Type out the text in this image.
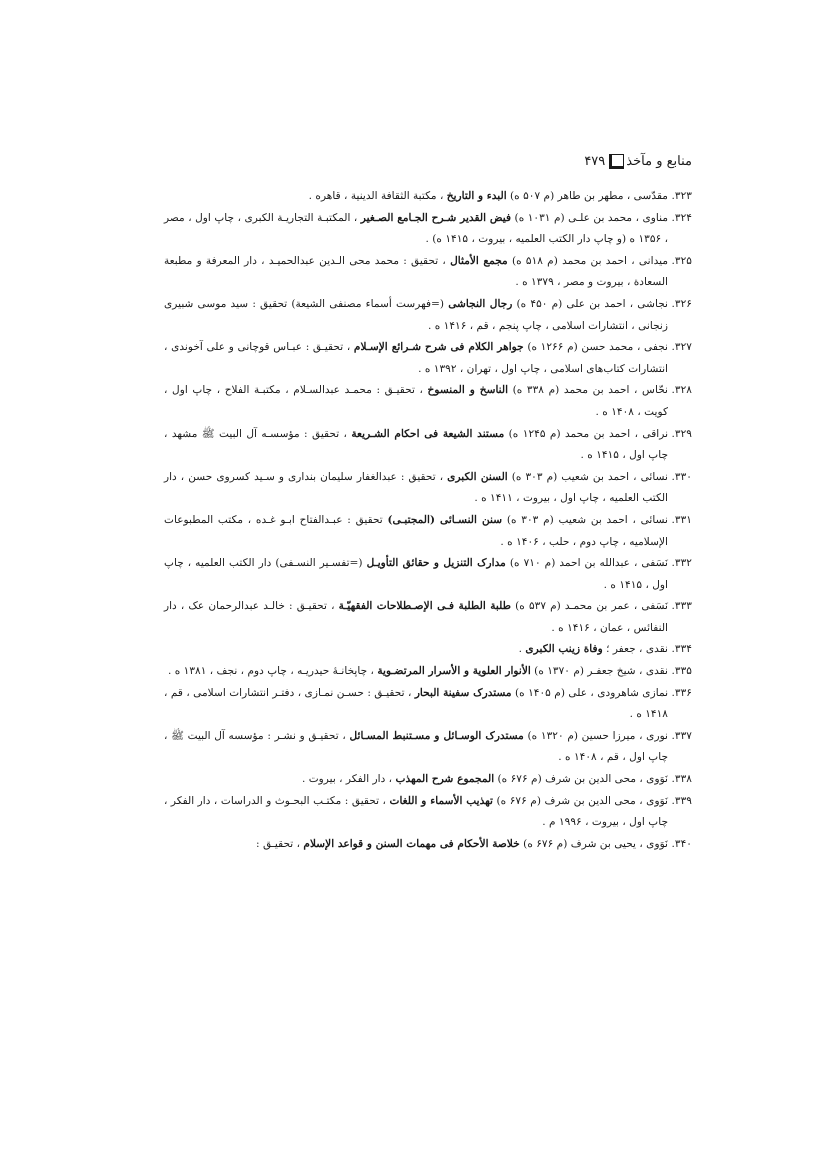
منابع و مآخذ
۴۷۹
۳۲۳.
مقدّسی ، مطهر بن طاهر (م ۵۰۷ ه) البدء و التاریخ ، مکتبة الثقافة الدینیة ، قاهره .
۳۲۴.
مناوی ، محمد بن علـی (م ۱۰۳۱ ه) فیض القدیر شـرح الجـامع الصـغیر ، المکتبـة التجاریـة الکبری ، چاپ اول ، مصر ، ۱۳۵۶ ه (و چاپ دار الکتب العلمیه ، بیروت ، ۱۴۱۵ ه) .
۳۲۵.
میدانی ، احمد بن محمد (م ۵۱۸ ه) مجمع الأمثال ، تحقیق : محمد محی الـدین عبدالحمیـد ، دار المعرفة و مطبعة السعادة ، بیروت و مصر ، ۱۳۷۹ ه .
۳۲۶.
نجاشی ، احمد بن علی (م ۴۵۰ ه) رجال النجاشی (=فهرست أسماء مصنفی الشیعة) تحقیق : سید موسی شبیری زنجانی ، انتشارات اسلامی ، چاپ پنجم ، قم ، ۱۴۱۶ ه .
۳۲۷.
نجفی ، محمد حسن (م ۱۲۶۶ ه) جواهر الکلام فی شرح شـرائع الإسـلام ، تحقیـق : عبـاس قوچانی و علی آخوندی ، انتشارات کتاب‌های اسلامی ، چاپ اول ، تهران ، ۱۳۹۲ ه .
۳۲۸.
نحّاس ، احمد بن محمد (م ۳۳۸ ه) الناسخ و المنسوخ ، تحقیـق : محمـد عبدالسـلام ، مکتبـة الفلاح ، چاپ اول ، کویت ، ۱۴۰۸ ه .
۳۲۹.
نراقی ، احمد بن محمد (م ۱۲۴۵ ه) مستند الشیعة فی احکام الشـریعة ، تحقیق : مؤسسـه آل البیت ﷺ مشهد ، چاپ اول ، ۱۴۱۵ ه .
۳۳۰.
نسائی ، احمد بن شعیب (م ۳۰۳ ه) السنن الکبری ، تحقیق : عبدالغفار سلیمان بنداری و سـید کسروی حسن ، دار الکتب العلمیه ، چاپ اول ، بیروت ، ۱۴۱۱ ه .
۳۳۱.
نسائی ، احمد بن شعیب (م ۳۰۳ ه) سنن النسـائی (المجتبـی) تحقیق : عبـدالفتاح ابـو غـده ، مکتب المطبوعات الإسلامیه ، چاپ دوم ، حلب ، ۱۴۰۶ ه .
۳۳۲.
نَسَفی ، عبدالله بن احمد (م ۷۱۰ ه) مدارک التنزیل و حقائق التأویـل (=تفسـیر النسـفی) دار الکتب العلمیه ، چاپ اول ، ۱۴۱۵ ه .
۳۳۳.
نَسَفی ، عمر بن محمـد (م ۵۳۷ ه) طلبة الطلبة فـی الإصـطلاحات الفقهیّـة ، تحقیـق : خالـد عبدالرحمان عک ، دار النفائس ، عمان ، ۱۴۱۶ ه .
۳۳۴.
نقدی ، جعفر ؛ وفاة زینب الکبری .
۳۳۵.
نقدی ، شیخ جعفـر (م ۱۳۷۰ ه) الأنوار العلویة و الأسرار المرتضـویة ، چاپخانـهٔ حیدریـه ، چاپ دوم ، نجف ، ۱۳۸۱ ه .
۳۳۶.
نمازی شاهرودی ، علی (م ۱۴۰۵ ه) مستدرک سفینة البحار ، تحقیـق : حسـن نمـازی ، دفتـر انتشارات اسلامی ، قم ، ۱۴۱۸ ه .
۳۳۷.
نوری ، میرزا حسین (م ۱۳۲۰ ه) مستدرک الوسـائل و مسـتنبط المسـائل ، تحقیـق و نشـر : مؤسسه آل البیت ﷺ ، چاپ اول ، قم ، ۱۴۰۸ ه .
۳۳۸.
نَوَوی ، محی الدین بن شرف (م ۶۷۶ ه) المجموع شرح المهذب ، دار الفکر ، بیروت .
۳۳۹.
نَوَوی ، محی الدین بن شرف (م ۶۷۶ ه) تهذیب الأسماء و اللغات ، تحقیق : مکتـب البحـوث و الدراسات ، دار الفکر ، چاپ اول ، بیروت ، ۱۹۹۶ م .
۳۴۰.
نَوَوی ، یحیی بن شرف (م ۶۷۶ ه) خلاصة الأحکام فی مهمات السنن و قواعد الإسلام ، تحقیـق :
